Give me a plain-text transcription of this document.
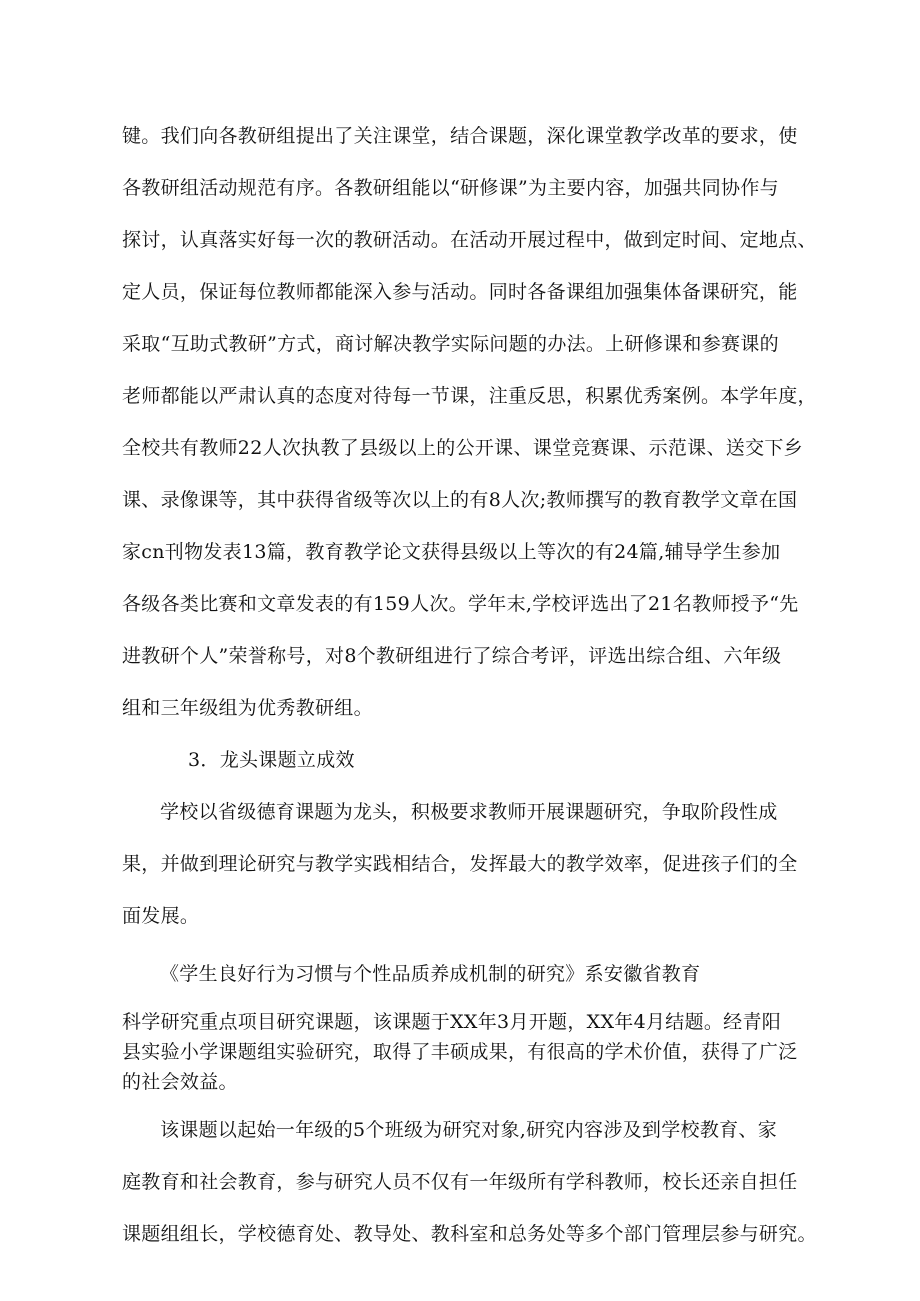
键。我们向各教研组提出了关注课堂，结合课题，深化课堂教学改革的要求，使
各教研组活动规范有序。各教研组能以“研修课”为主要内容，加强共同协作与
探讨，认真落实好每一次的教研活动。在活动开展过程中，做到定时间、定地点、
定人员，保证每位教师都能深入参与活动。同时各备课组加强集体备课研究，能
采取“互助式教研”方式，商讨解决教学实际问题的办法。上研修课和参赛课的
老师都能以严肃认真的态度对待每一节课，注重反思，积累优秀案例。本学年度，
全校共有教师22人次执教了县级以上的公开课、课堂竞赛课、示范课、送交下乡
课、录像课等，其中获得省级等次以上的有8人次;教师撰写的教育教学文章在国
家cn刊物发表13篇，教育教学论文获得县级以上等次的有24篇,辅导学生参加
各级各类比赛和文章发表的有159人次。学年末,学校评选出了21名教师授予“先
进教研个人”荣誉称号，对8个教研组进行了综合考评，评选出综合组、六年级
组和三年级组为优秀教研组。
3．龙头课题立成效
学校以省级德育课题为龙头，积极要求教师开展课题研究，争取阶段性成
果，并做到理论研究与教学实践相结合，发挥最大的教学效率，促进孩子们的全
面发展。
《学生良好行为习惯与个性品质养成机制的研究》系安徽省教育
科学研究重点项目研究课题，该课题于XX年3月开题，XX年4月结题。经青阳
县实验小学课题组实验研究，取得了丰硕成果，有很高的学术价值，获得了广泛
的社会效益。
该课题以起始一年级的5个班级为研究对象,研究内容涉及到学校教育、家
庭教育和社会教育，参与研究人员不仅有一年级所有学科教师，校长还亲自担任
课题组组长，学校德育处、教导处、教科室和总务处等多个部门管理层参与研究。
